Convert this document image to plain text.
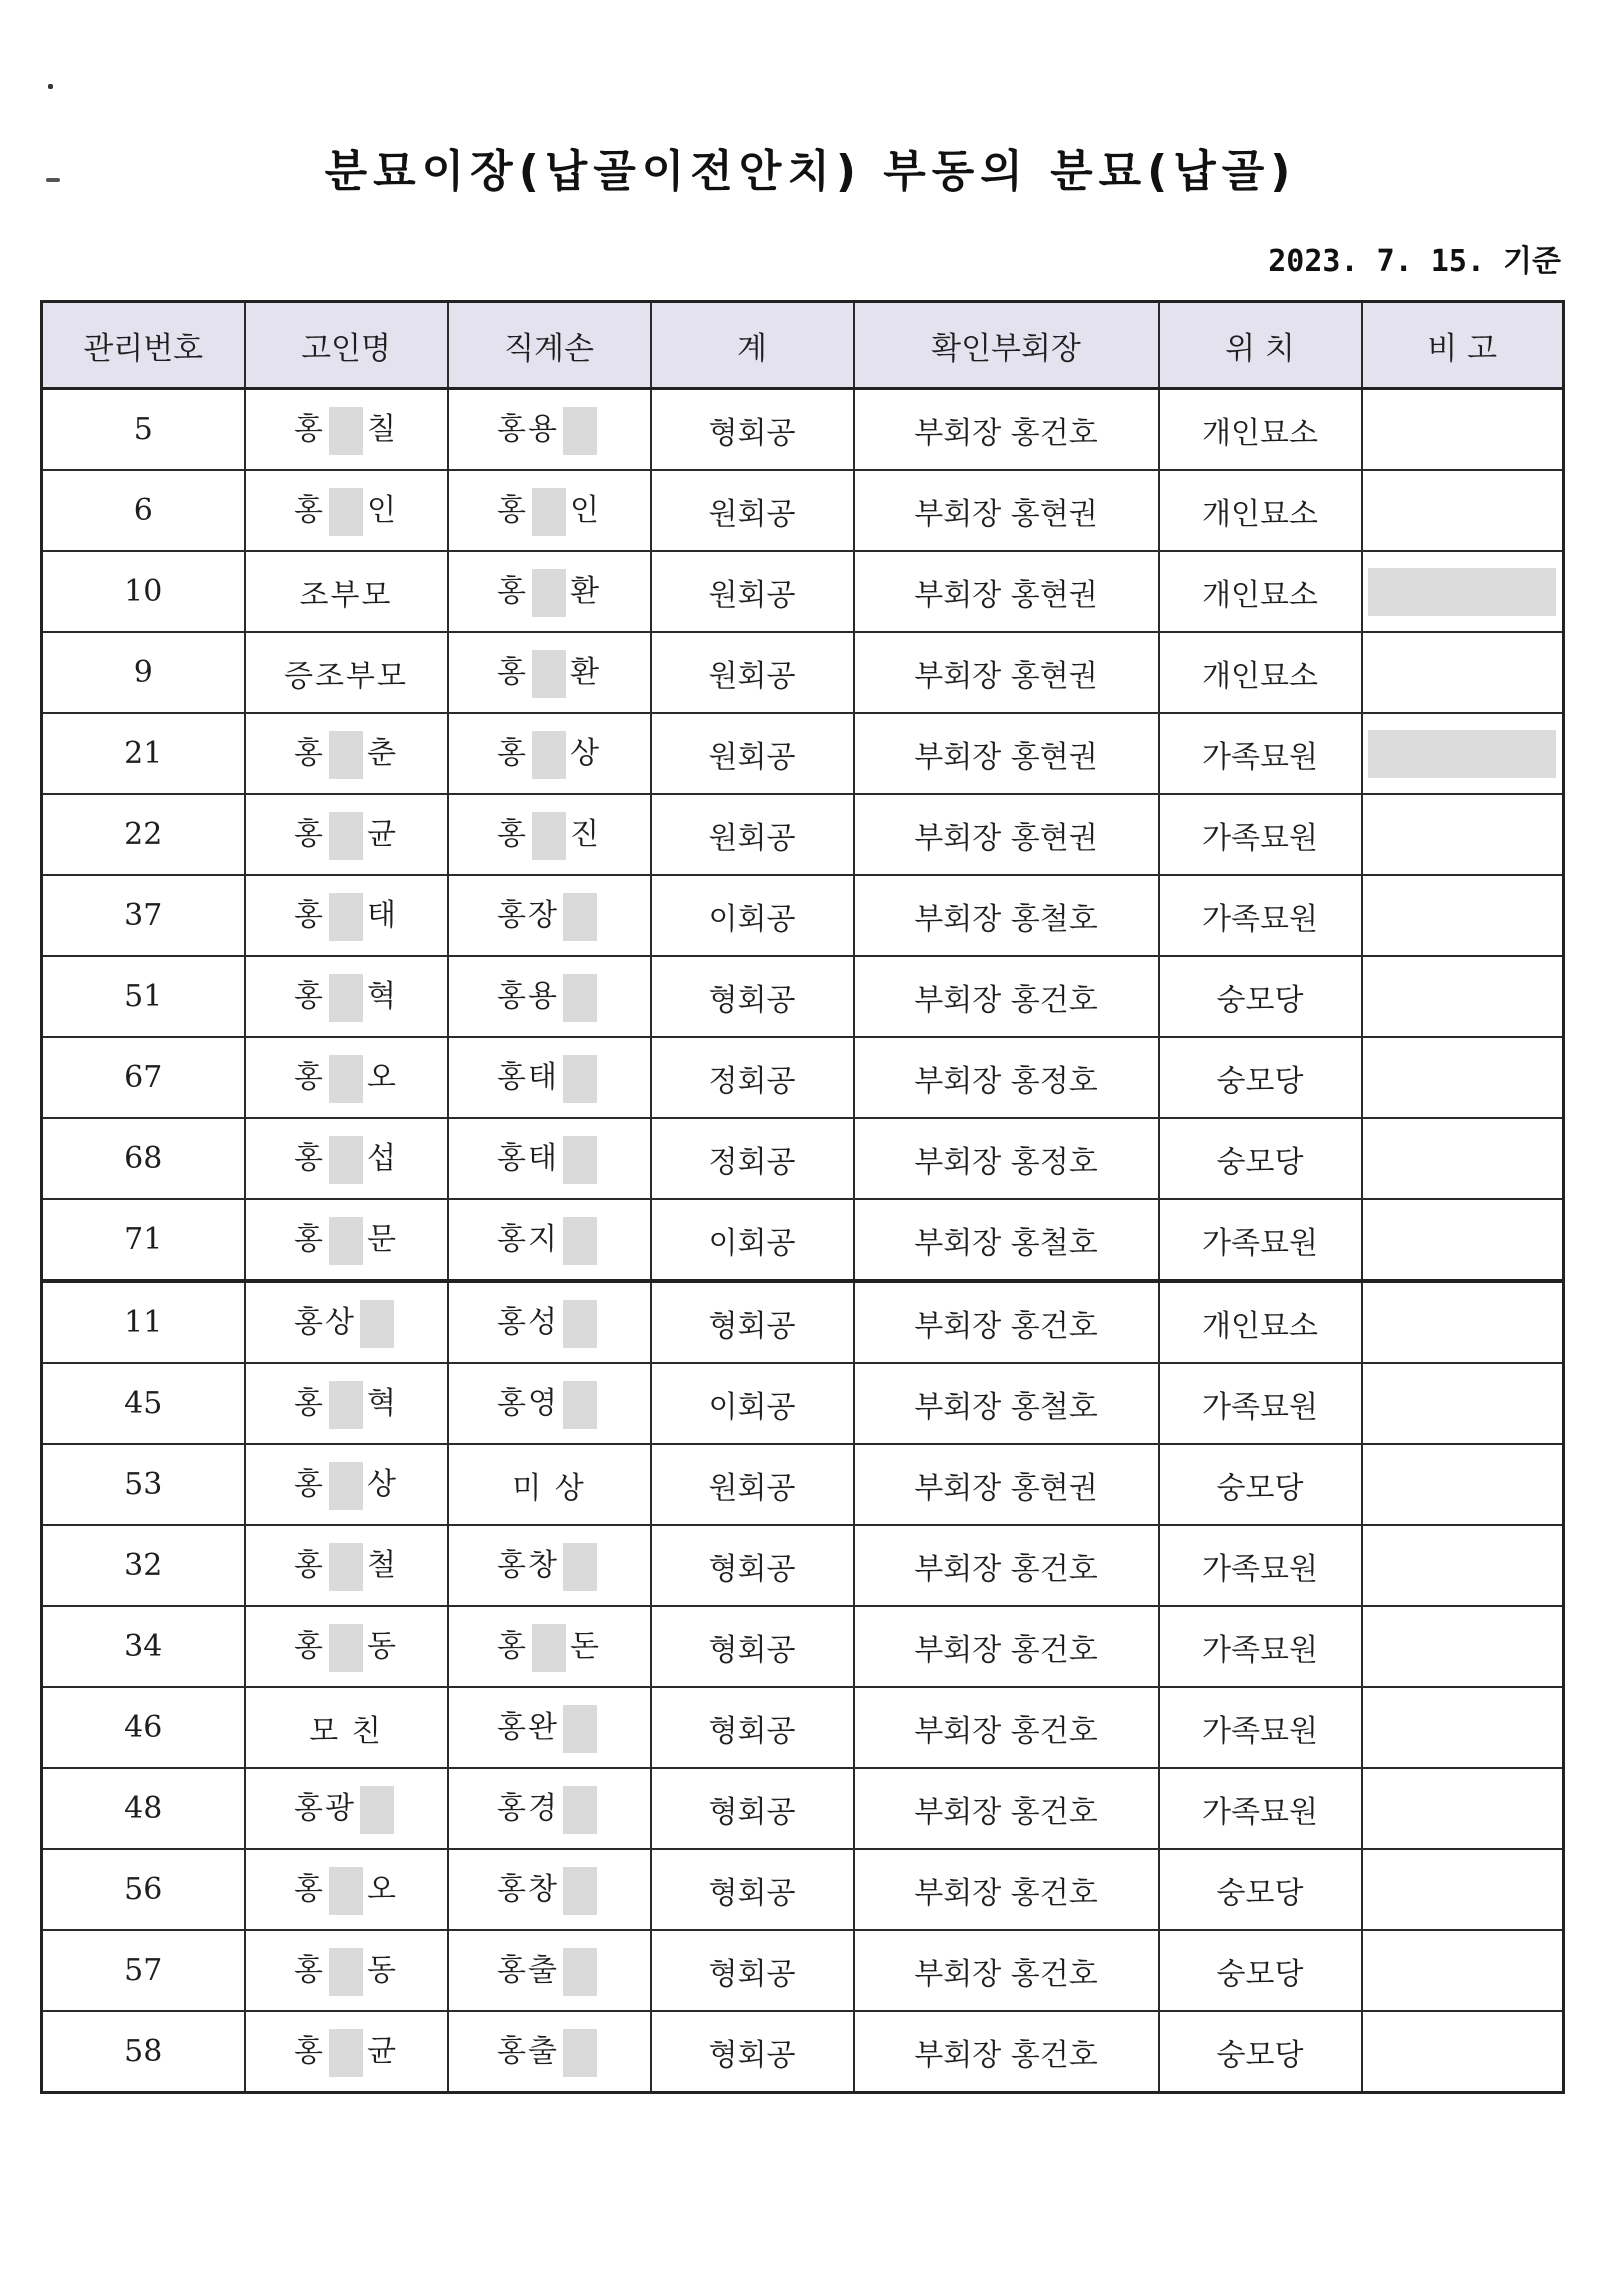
분묘이장(납골이전안치) 부동의 분묘(납골)
2023. 7. 15. 기준
관리번호	고인명	직계손	계	확인부회장	위 치	비 고
5	홍 칠	홍용	형회공	부회장 홍건호	개인묘소	
6	홍 인	홍 인	원회공	부회장 홍현권	개인묘소	
10	조부모	홍 환	원회공	부회장 홍현권	개인묘소	

9	증조부모	홍 환	원회공	부회장 홍현권	개인묘소	
21	홍 춘	홍 상	원회공	부회장 홍현권	가족묘원	

22	홍 균	홍 진	원회공	부회장 홍현권	가족묘원	
37	홍 태	홍장	이회공	부회장 홍철호	가족묘원	
51	홍 혁	홍용	형회공	부회장 홍건호	숭모당	
67	홍 오	홍태	정회공	부회장 홍정호	숭모당	
68	홍 섭	홍태	정회공	부회장 홍정호	숭모당	
71	홍 문	홍지	이회공	부회장 홍철호	가족묘원	
11	홍상	홍성	형회공	부회장 홍건호	개인묘소	
45	홍 혁	홍영	이회공	부회장 홍철호	가족묘원	
53	홍 상	미 상	원회공	부회장 홍현권	숭모당	
32	홍 철	홍창	형회공	부회장 홍건호	가족묘원	
34	홍 동	홍 돈	형회공	부회장 홍건호	가족묘원	
46	모 친	홍완	형회공	부회장 홍건호	가족묘원	
48	홍광	홍경	형회공	부회장 홍건호	가족묘원	
56	홍 오	홍창	형회공	부회장 홍건호	숭모당	
57	홍 동	홍출	형회공	부회장 홍건호	숭모당	
58	홍 균	홍출	형회공	부회장 홍건호	숭모당	
